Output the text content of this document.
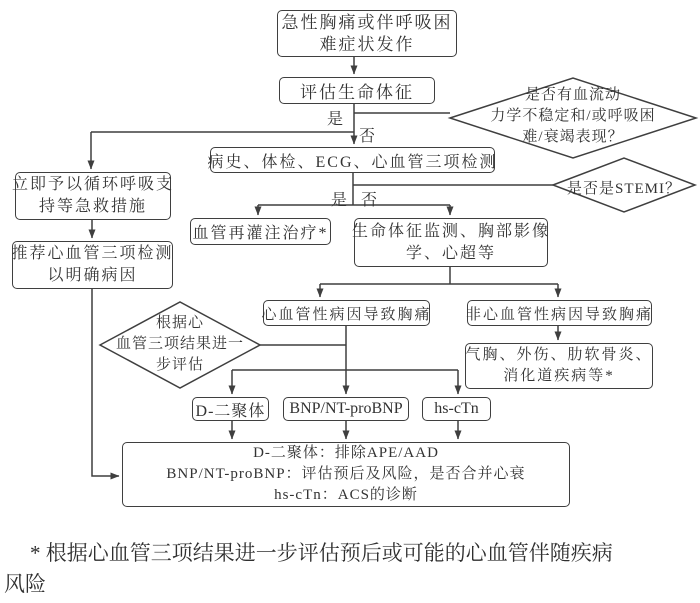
急性胸痛或伴呼吸困
难症状发作
评估生命体征
立即予以循环呼吸支
持等急救措施
推荐心血管三项检测
以明确病因
病史、体检、ECG、心血管三项检测
血管再灌注治疗* 生命体征监测、胸部影像
学、心超等
心血管性病因导致胸痛 非心血管性病因导致胸痛
气胸、外伤、肋软骨炎、
消化道疾病等*
D-二聚体 BNP/NT-proBNP hs-cTn
D-二聚体：排除APE/AAD
BNP/NT-proBNP：评估预后及风险，是否合并心衰
hs-cTn：ACS的诊断
是否有血流动
力学不稳定和/或呼吸困
难/衰竭表现？
是否是STEMI？
根据心
血管三项结果进一
步评估
是
否
是 否
* 根据心血管三项结果进一步评估预后或可能的心血管伴随疾病
风险
